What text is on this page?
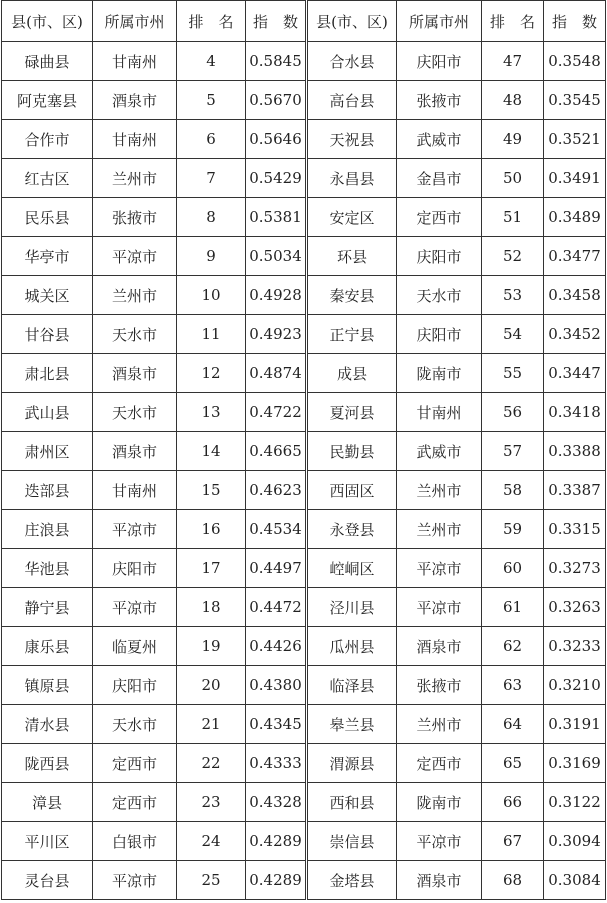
县(市、区)	所属市州	排　名	指　数	县(市、区)	所属市州	排　名	指　数
碌曲县	甘南州	4	0.5845	合水县	庆阳市	47	0.3548
阿克塞县	酒泉市	5	0.5670	高台县	张掖市	48	0.3545
合作市	甘南州	6	0.5646	天祝县	武威市	49	0.3521
红古区	兰州市	7	0.5429	永昌县	金昌市	50	0.3491
民乐县	张掖市	8	0.5381	安定区	定西市	51	0.3489
华亭市	平凉市	9	0.5034	环县	庆阳市	52	0.3477
城关区	兰州市	10	0.4928	秦安县	天水市	53	0.3458
甘谷县	天水市	11	0.4923	正宁县	庆阳市	54	0.3452
肃北县	酒泉市	12	0.4874	成县	陇南市	55	0.3447
武山县	天水市	13	0.4722	夏河县	甘南州	56	0.3418
肃州区	酒泉市	14	0.4665	民勤县	武威市	57	0.3388
迭部县	甘南州	15	0.4623	西固区	兰州市	58	0.3387
庄浪县	平凉市	16	0.4534	永登县	兰州市	59	0.3315
华池县	庆阳市	17	0.4497	崆峒区	平凉市	60	0.3273
静宁县	平凉市	18	0.4472	泾川县	平凉市	61	0.3263
康乐县	临夏州	19	0.4426	瓜州县	酒泉市	62	0.3233
镇原县	庆阳市	20	0.4380	临泽县	张掖市	63	0.3210
清水县	天水市	21	0.4345	皋兰县	兰州市	64	0.3191
陇西县	定西市	22	0.4333	渭源县	定西市	65	0.3169
漳县	定西市	23	0.4328	西和县	陇南市	66	0.3122
平川区	白银市	24	0.4289	崇信县	平凉市	67	0.3094
灵台县	平凉市	25	0.4289	金塔县	酒泉市	68	0.3084
